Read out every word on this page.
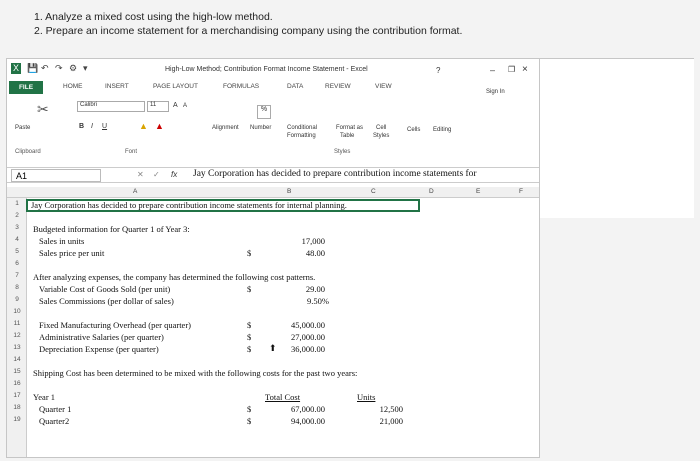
1. Analyze a mixed cost using the high-low method.
2. Prepare an income statement for a merchandising company using the contribution format.
X 💾 ↶ ↷ ⚙ ▾	High-Low Method; Contribution Format Income Statement - Excel
FILE	HOME	INSERT	PAGE LAYOUT	FORMULAS	DATA	REVIEW	VIEW
✂
Paste
Clipboard
Calibri	11	A A
B I U	▲ ▲
Font
Alignment
%
Number	Conditional
Formatting
Format as
Table
Cell
Styles
Styles
Cells Editing
A1	✕ ✓ fx Jay Corporation has decided to prepare contribution income statements for
A	B	C	D	E	F
1
2
3
4
5
6
7
8
9
10
11
12
13
14
15
16
17
18
19
Jay Corporation has decided to prepare contribution income statements for internal planning.
Budgeted information for Quarter 1 of Year 3:
Sales in units	17,000
Sales price per unit	$	48.00
After analyzing expenses, the company has determined the following cost patterns.
Variable Cost of Goods Sold (per unit)	$	29.00
Sales Commissions (per dollar of sales)	9.50%
Fixed Manufacturing Overhead (per quarter)	$	45,000.00
Administrative Salaries (per quarter)	$	27,000.00
Depreciation Expense (per quarter)	$	36,000.00
⬆
Shipping Cost has been determined to be mixed with the following costs for the past two years:
Year 1	Total Cost	Units
Quarter 1	$	67,000.00	12,500
Quarter2	$	94,000.00	21,000
?	– ❐ ×
Sign In
